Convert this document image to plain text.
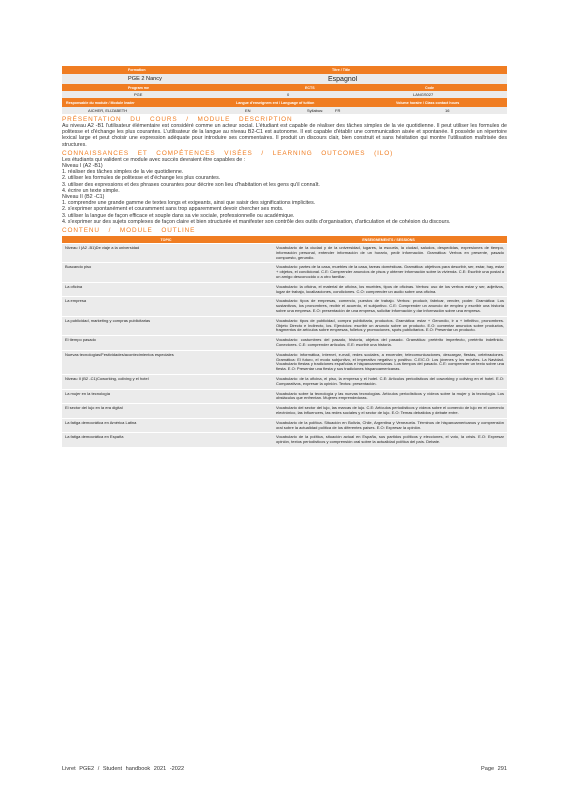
Formation	Titre / Title
PGE 2 Nancy	Espagnol
Program me	ECTS	Code
PGE	0	LANGS027
Responsable du module / Module leader	Langue d'enseignem ent / Language of tuition	Volume horaire / Class contact hours
AICHER, ELIZABETH	EN	Syllabus:	FR	16
PRÉSENTATION DU COURS / MODULE DESCRIPTION

Au niveau A2 -B1 l'utilisateur élémentaire est considéré comme un acteur social. L'étudiant est capable de réaliser des tâches simples de la vie quotidienne. Il peut utiliser les formules de politesse et d'échange les plus courantes. L'utilisateur de la langue au niveau B2-C1 est autonome. Il est capable d'établir une communication aisée et spontanée. Il possède un répertoire lexical large et peut choisir une expression adéquate pour introduire ses commentaires. Il produit un discours clair, bien construit et sans hésitation qui montre l'utilisation maîtrisée des structures.

CONNAISSANCES ET COMPÉTENCES VISÉES / LEARNING OUTCOMES (ILO)

Les étudiants qui valident ce module avec succès devraient être capables de :

Niveau I (A2 -B1)

1. réaliser des tâches simples de la vie quotidienne.

2. utiliser les formules de politesse et d'échange les plus courantes.

3. utiliser des expressions et des phrases courantes pour décrire son lieu d'habitation et les gens qu'il connaît.

4. écrire un texte simple.

Niveau II (B2 -C1)

1. comprendre une grande gamme de textes longs et exigeants, ainsi que saisir des significations implicites.

2. s'exprimer spontanément et couramment sans trop apparemment devoir chercher ses mots.

3. utiliser la langue de façon efficace et souple dans sa vie sociale, professionnelle ou académique.

4. s'exprimer sur des sujets complexes de façon claire et bien structurée et manifester son contrôle des outils d'organisation, d'articulation et de cohésion du discours.

CONTENU / MODULE OUTLINE
TOPIC	ENSEIGNEMENTS / SESSIONS
Niveau I (A2 -B1)De viaje a la universidad	Vocabulario de la ciudad y de la universidad, lugares, la escuela, la ciudad, saludos, despedidas, expresiones de tiempo, información personal, entender información de un horario, pedir información. Gramática: Verbos en presente, pasado compuesto, gerundio.
Buscando piso	Vocabulario: partes de la casa, muebles de la casa, tareas domésticas. Gramática: objetivos para describir, ser, estar, hay, estar + objetos, el condicional. C.E: Comprender anuncios de pisos y obtener información sobre la vivienda. C.E: Escribir una postal a un amigo desconocido o a otro familiar.
La oficina	Vocabulario: la oficina, el material de oficina, los muebles, tipos de oficinas. Verbos: uso de los verbos estar y ser, adjetivos, lugar de trabajo, localizaciones, condiciones. C.O: comprender un audio sobre una oficina.
La empresa	Vocabulario: tipos de empresas, comercio, puestos de trabajo. Verbos: producir, fabricar, vender, poder. Gramática: Los sustantivos, los pronombres, recibir el acuerdo, el subjuntivo. C.E: Comprender un anuncio de empleo y escribir una historia sobre una empresa. E.O: presentación de una empresa, solicitar información y dar información sobre una empresa.
La publicidad, marketing y compras publicitarias	Vocabulario: tipos de publicidad, compra publicitaria, productos. Gramática: estar + Gerundio, ir a + infinitivo, pronombres. Objeto Directo e Indirecto, los. Ejercicios: escribir un anuncio sobre un producto. E.O: comentar anuncios sobre productos, fragmentos de artículos sobre empresas, folletos y promociones, spots publicitarios. E.O: Presentar un producto.
El tiempo pasado	Vocabulario: costumbres del pasado, historia, objetos del pasado. Gramática: pretérito imperfecto, pretérito indefinido. Conectores. C.E: comprender artículos. E.E: escribir una historia.
Nuevas tecnologías/Festividades/acontecimientos especiales	Vocabulario: informática, internet, e-mail, redes sociales, a encender, telecomunicaciones, descargar, fiestas, celebraciones. Gramática: El futuro, el modo subjuntivo, el imperativo negativo y positivo. C.E/C.O: Los jóvenes y los móviles. La Navidad. Vocabulario fiestas y tradiciones españolas e hispanoamericanas. Los tiempos del pasado. C.E: comprender un texto sobre una fiesta. E.O: Presentar una fiesta y sus tradiciones hispanoamericanas.
Niveau II (B2 -C1)Coworking, coliving y el hotel	Vocabulario: de la oficina, el piso, la empresa y el hotel. C.E: Artículos periodísticos del coworking y coliving en el hotel. E.O: Comparativos, expresar la opinión. Textos: presentación.
La mujer en la tecnología	Vocabulario sobre la tecnología y las nuevas tecnologías. Artículos periodísticos y vídeos sobre la mujer y la tecnología. Los obstáculos que enfrentan. Mujeres emprendedoras.
El sector del lujo en la era digital	Vocabulario del sector del lujo, las marcas de lujo. C.E: Artículos periodísticos y vídeos sobre el comercio de lujo en el comercio electrónico, las influencers, las redes sociales y el sector de lujo. E.O: Temas debatidos y debate entre.
La fatiga democrática en América Latina	Vocabulario de la política. Situación en Bolivia, Chile, Argentina y Venezuela. Términos de hispanoamericanos y comprensión oral sobre la actualidad política de los diferentes países. E.O: Expresar la opinión.
La fatiga democrática en España	Vocabulario de la política, situación actual en España, sus partidos políticos y elecciones, el voto, la crisis. E.O: Expresar opinión, textos periodísticos y comprensión oral sobre la actualidad política del país. Debate.
Livret PGE2 / Student handbook 2021 -2022	Page 291
